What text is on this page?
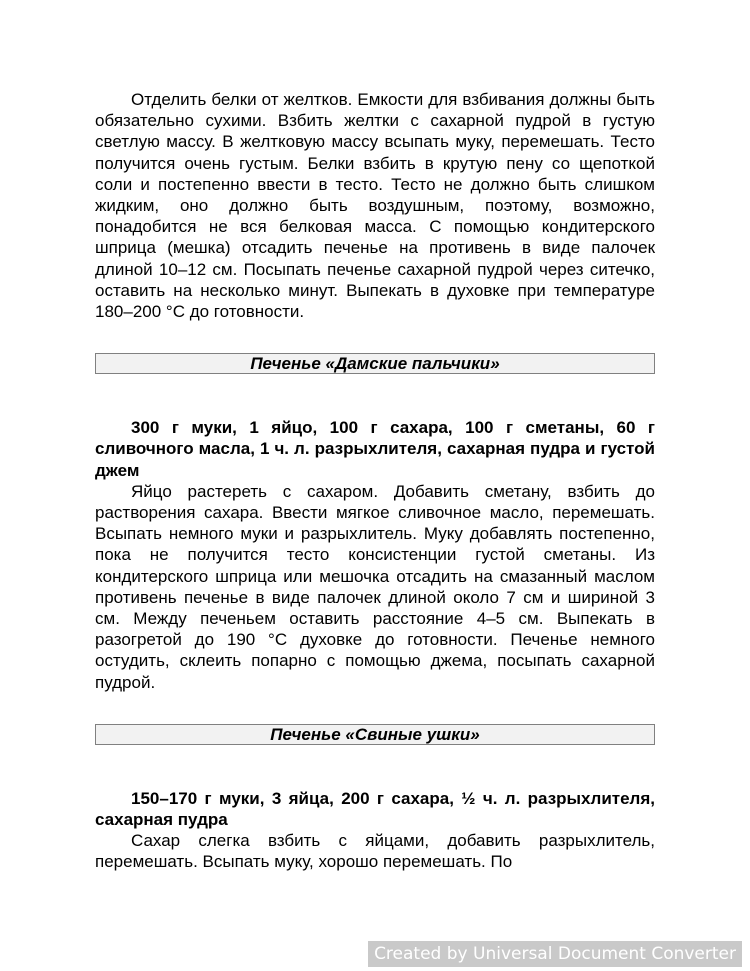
Отделить белки от желтков. Емкости для взбивания должны быть обязательно сухими. Взбить желтки с сахарной пудрой в густую светлую массу. В желтковую массу всыпать муку, перемешать. Тесто получится очень густым. Белки взбить в крутую пену со щепоткой соли и постепенно ввести в тесто. Тесто не должно быть слишком жидким, оно должно быть воздушным, поэтому, возможно, понадобится не вся белковая масса. С помощью кондитерского шприца (мешка) отсадить печенье на противень в виде палочек длиной 10–12 см. Посыпать печенье сахарной пудрой через ситечко, оставить на несколько минут. Выпекать в духовке при температуре 180–200 °С до готовности.

Печенье «Дамские пальчики»

300 г муки, 1 яйцо, 100 г сахара, 100 г сметаны, 60 г сливочного масла, 1 ч. л. разрыхлителя, сахарная пудра и густой джем

Яйцо растереть с сахаром. Добавить сметану, взбить до растворения сахара. Ввести мягкое сливочное масло, перемешать. Всыпать немного муки и разрыхлитель. Муку добавлять постепенно, пока не получится тесто консистенции густой сметаны. Из кондитерского шприца или мешочка отсадить на смазанный маслом противень печенье в виде палочек длиной около 7 см и шириной 3 см. Между печеньем оставить расстояние 4–5 см. Выпекать в разогретой до 190 °С духовке до готовности. Печенье немного остудить, склеить попарно с помощью джема, посыпать сахарной пудрой.

Печенье «Свиные ушки»

150–170 г муки, 3 яйца, 200 г сахара, ½ ч. л. разрыхлителя, сахарная пудра

Сахар слегка взбить с яйцами, добавить разрыхлитель, перемешать. Всыпать муку, хорошо перемешать. По

Created by Universal Document Converter
